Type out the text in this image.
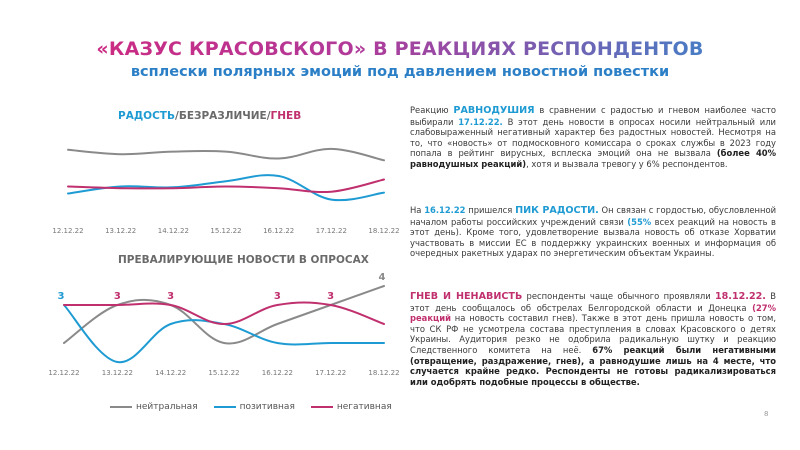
«КАЗУС КРАСОВСКОГО» В РЕАКЦИЯХ РЕСПОНДЕНТОВ
всплески полярных эмоций под давлением новостной повестки
РАДОСТЬ/БЕЗРАЗЛИЧИЕ/ГНЕВ
ПРЕВАЛИРУЮЩИЕ НОВОСТИ В ОПРОСАХ
12.12.22	13.12.22	14.12.22	15.12.22	16.12.22	17.12.22	18.12.22
12.12.22	13.12.22	14.12.22	15.12.22	16.12.22	17.12.22	18.12.22
3	3	3	3	3
4
нейтральная	позитивная	негативная
Реакцию РАВНОДУШИЯ в сравнении с радостью и гневом наиболее часто выбирали 17.12.22. В этот день новости в опросах носили нейтральный или слабовыраженный негативный характер без радостных новостей. Несмотря на то, что «новость» от подмосковного комиссара о сроках службы в 2023 году попала в рейтинг вирусных, всплеска эмоций она не вызвала (более 40% равнодушных реакций), хотя и вызвала тревогу у 6% респондентов.
На 16.12.22 пришелся ПИК РАДОСТИ. Он связан с гордостью, обусловленной началом работы российских учреждений связи (55% всех реакций на новость в этот день). Кроме того, удовлетворение вызвала новость об отказе Хорватии участвовать в миссии ЕС в поддержку украинских военных и информация об очередных ракетных ударах по энергетическим объектам Украины.
ГНЕВ И НЕНАВИСТЬ респонденты чаще обычного проявляли 18.12.22. В этот день сообщалось об обстрелах Белгородской области и Донецка (27% реакций на новость составил гнев). Также в этот день пришла новость о том, что СК РФ не усмотрела состава преступления в словах Красовского о детях Украины. Аудитория резко не одобрила радикальную шутку и реакцию Следственного комитета на неё. 67% реакций были негативными (отвращение, раздражение, гнев), а равнодушие лишь на 4 месте, что случается крайне редко. Респонденты не готовы радикализироваться или одобрять подобные процессы в обществе.
8
